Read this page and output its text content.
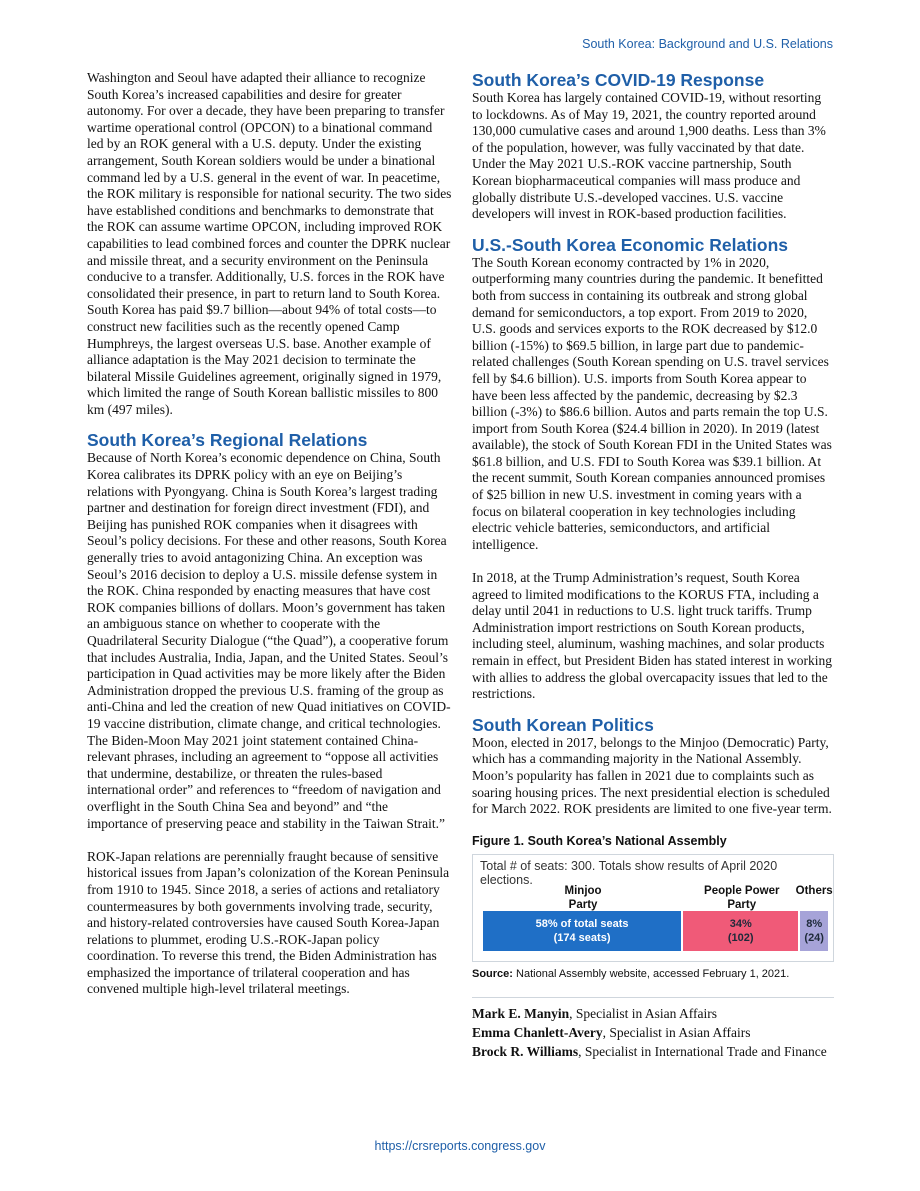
South Korea: Background and U.S. Relations

Washington and Seoul have adapted their alliance to recognize South Korea’s increased capabilities and desire for greater autonomy. For over a decade, they have been preparing to transfer wartime operational control (OPCON) to a binational command led by an ROK general with a U.S. deputy. Under the existing arrangement, South Korean soldiers would be under a binational command led by a U.S. general in the event of war. In peacetime, the ROK military is responsible for national security. The two sides have established conditions and benchmarks to demonstrate that the ROK can assume wartime OPCON, including improved ROK capabilities to lead combined forces and counter the DPRK nuclear and missile threat, and a security environment on the Peninsula conducive to a transfer. Additionally, U.S. forces in the ROK have consolidated their presence, in part to return land to South Korea. South Korea has paid $9.7 billion—about 94% of total costs—to construct new facilities such as the recently opened Camp Humphreys, the largest overseas U.S. base. Another example of alliance adaptation is the May 2021 decision to terminate the bilateral Missile Guidelines agreement, originally signed in 1979, which limited the range of South Korean ballistic missiles to 800 km (497 miles).

South Korea’s Regional Relations

Because of North Korea’s economic dependence on China, South Korea calibrates its DPRK policy with an eye on Beijing’s relations with Pyongyang. China is South Korea’s largest trading partner and destination for foreign direct investment (FDI), and Beijing has punished ROK companies when it disagrees with Seoul’s policy decisions. For these and other reasons, South Korea generally tries to avoid antagonizing China. An exception was Seoul’s 2016 decision to deploy a U.S. missile defense system in the ROK. China responded by enacting measures that have cost ROK companies billions of dollars. Moon’s government has taken an ambiguous stance on whether to cooperate with the Quadrilateral Security Dialogue (“the Quad”), a cooperative forum that includes Australia, India, Japan, and the United States. Seoul’s participation in Quad activities may be more likely after the Biden Administration dropped the previous U.S. framing of the group as anti-China and led the creation of new Quad initiatives on COVID-19 vaccine distribution, climate change, and critical technologies. The Biden-Moon May 2021 joint statement contained China-relevant phrases, including an agreement to “oppose all activities that undermine, destabilize, or threaten the rules-based international order” and references to “freedom of navigation and overflight in the South China Sea and beyond” and “the importance of preserving peace and stability in the Taiwan Strait.”

ROK-Japan relations are perennially fraught because of sensitive historical issues from Japan’s colonization of the Korean Peninsula from 1910 to 1945. Since 2018, a series of actions and retaliatory countermeasures by both governments involving trade, security, and history-related controversies have caused South Korea-Japan relations to plummet, eroding U.S.-ROK-Japan policy coordination. To reverse this trend, the Biden Administration has emphasized the importance of trilateral cooperation and has convened multiple high-level trilateral meetings.

South Korea’s COVID-19 Response

South Korea has largely contained COVID-19, without resorting to lockdowns. As of May 19, 2021, the country reported around 130,000 cumulative cases and around 1,900 deaths. Less than 3% of the population, however, was fully vaccinated by that date. Under the May 2021 U.S.-ROK vaccine partnership, South Korean biopharmaceutical companies will mass produce and globally distribute U.S.-developed vaccines. U.S. vaccine developers will invest in ROK-based production facilities.

U.S.-South Korea Economic Relations

The South Korean economy contracted by 1% in 2020, outperforming many countries during the pandemic. It benefitted both from success in containing its outbreak and strong global demand for semiconductors, a top export. From 2019 to 2020, U.S. goods and services exports to the ROK decreased by $12.0 billion (-15%) to $69.5 billion, in large part due to pandemic-related challenges (South Korean spending on U.S. travel services fell by $4.6 billion). U.S. imports from South Korea appear to have been less affected by the pandemic, decreasing by $2.3 billion (-3%) to $86.6 billion. Autos and parts remain the top U.S. import from South Korea ($24.4 billion in 2020). In 2019 (latest available), the stock of South Korean FDI in the United States was $61.8 billion, and U.S. FDI to South Korea was $39.1 billion. At the recent summit, South Korean companies announced promises of $25 billion in new U.S. investment in coming years with a focus on bilateral cooperation in key technologies including electric vehicle batteries, semiconductors, and artificial intelligence.

In 2018, at the Trump Administration’s request, South Korea agreed to limited modifications to the KORUS FTA, including a delay until 2041 in reductions to U.S. light truck tariffs. Trump Administration import restrictions on South Korean products, including steel, aluminum, washing machines, and solar products remain in effect, but President Biden has stated interest in working with allies to address the global overcapacity issues that led to the restrictions.

South Korean Politics

Moon, elected in 2017, belongs to the Minjoo (Democratic) Party, which has a commanding majority in the National Assembly. Moon’s popularity has fallen in 2021 due to complaints such as soaring housing prices. The next presidential election is scheduled for March 2022. ROK presidents are limited to one five-year term.

Figure 1. South Korea’s National Assembly
Total # of seats: 300. Totals show results of April 2020 elections.
58% of total seats
(174 seats)
Minjoo
Party
34%
(102)
People Power
Party
8%
(24)
Others
Source: National Assembly website, accessed February 1, 2021.

Mark E. Manyin, Specialist in Asian Affairs

Emma Chanlett-Avery, Specialist in Asian Affairs

Brock R. Williams, Specialist in International Trade and Finance

https://crsreports.congress.gov
